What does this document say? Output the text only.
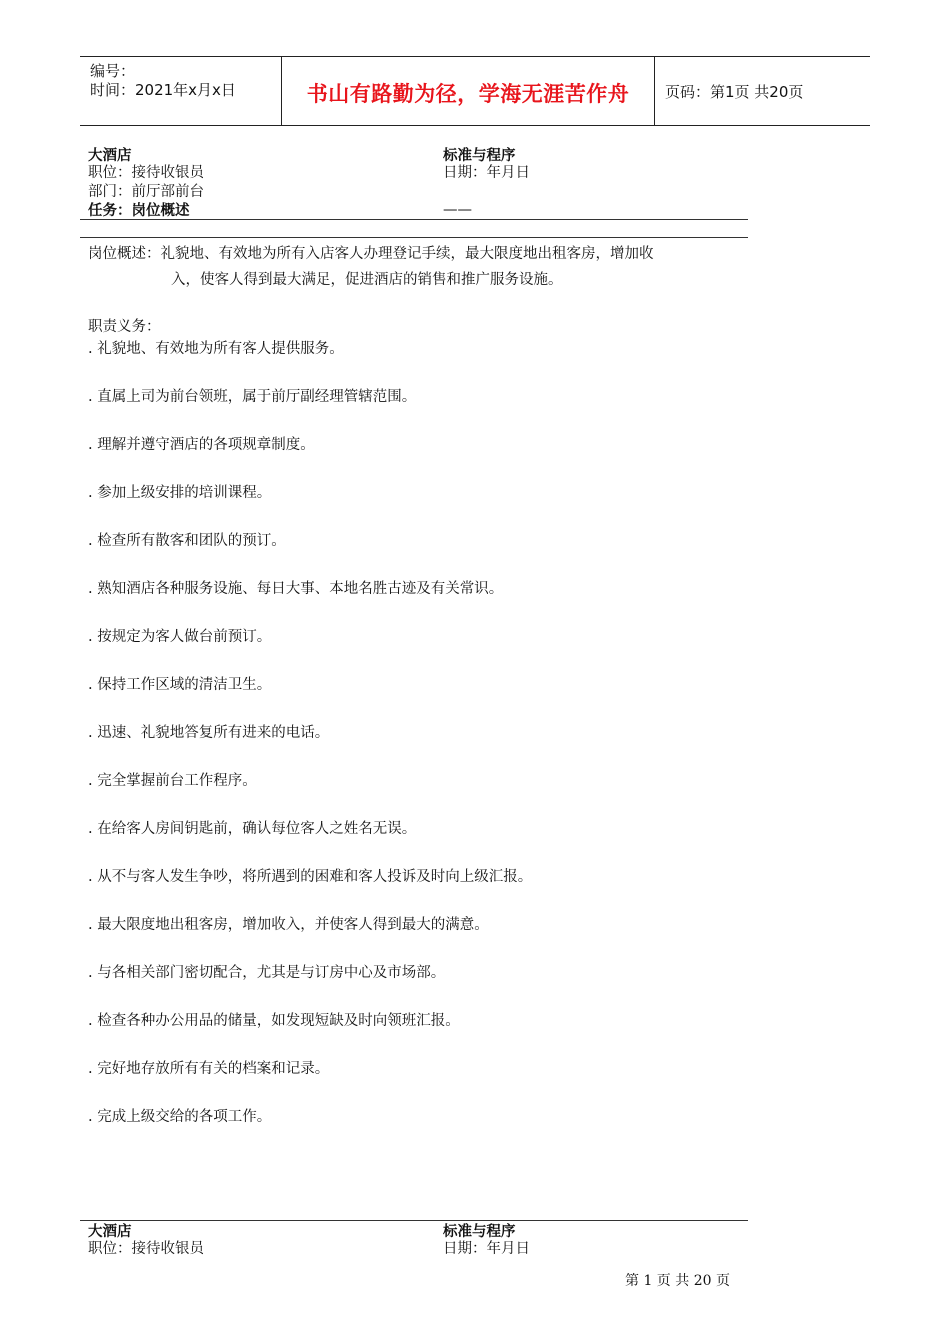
编号：
时间：2021年x月x日	书山有路勤为径，学海无涯苦作舟	页码：第1页 共20页
大酒店	标准与程序
职位：接待收银员	日期：年月日
部门：前厅部前台
任务：岗位概述	——
岗位概述：礼貌地、有效地为所有入店客人办理登记手续，最大限度地出租客房，增加收
入，使客人得到最大满足，促进酒店的销售和推广服务设施。
职责义务：
. 礼貌地、有效地为所有客人提供服务。
. 直属上司为前台领班，属于前厅副经理管辖范围。
. 理解并遵守酒店的各项规章制度。
. 参加上级安排的培训课程。
. 检查所有散客和团队的预订。
. 熟知酒店各种服务设施、每日大事、本地名胜古迹及有关常识。
. 按规定为客人做台前预订。
. 保持工作区域的清洁卫生。
. 迅速、礼貌地答复所有进来的电话。
. 完全掌握前台工作程序。
. 在给客人房间钥匙前，确认每位客人之姓名无误。
. 从不与客人发生争吵，将所遇到的困难和客人投诉及时向上级汇报。
. 最大限度地出租客房，增加收入，并使客人得到最大的满意。
. 与各相关部门密切配合，尤其是与订房中心及市场部。
. 检查各种办公用品的储量，如发现短缺及时向领班汇报。
. 完好地存放所有有关的档案和记录。
. 完成上级交给的各项工作。
大酒店	标准与程序
职位：接待收银员	日期：年月日
第 1 页 共 20 页
